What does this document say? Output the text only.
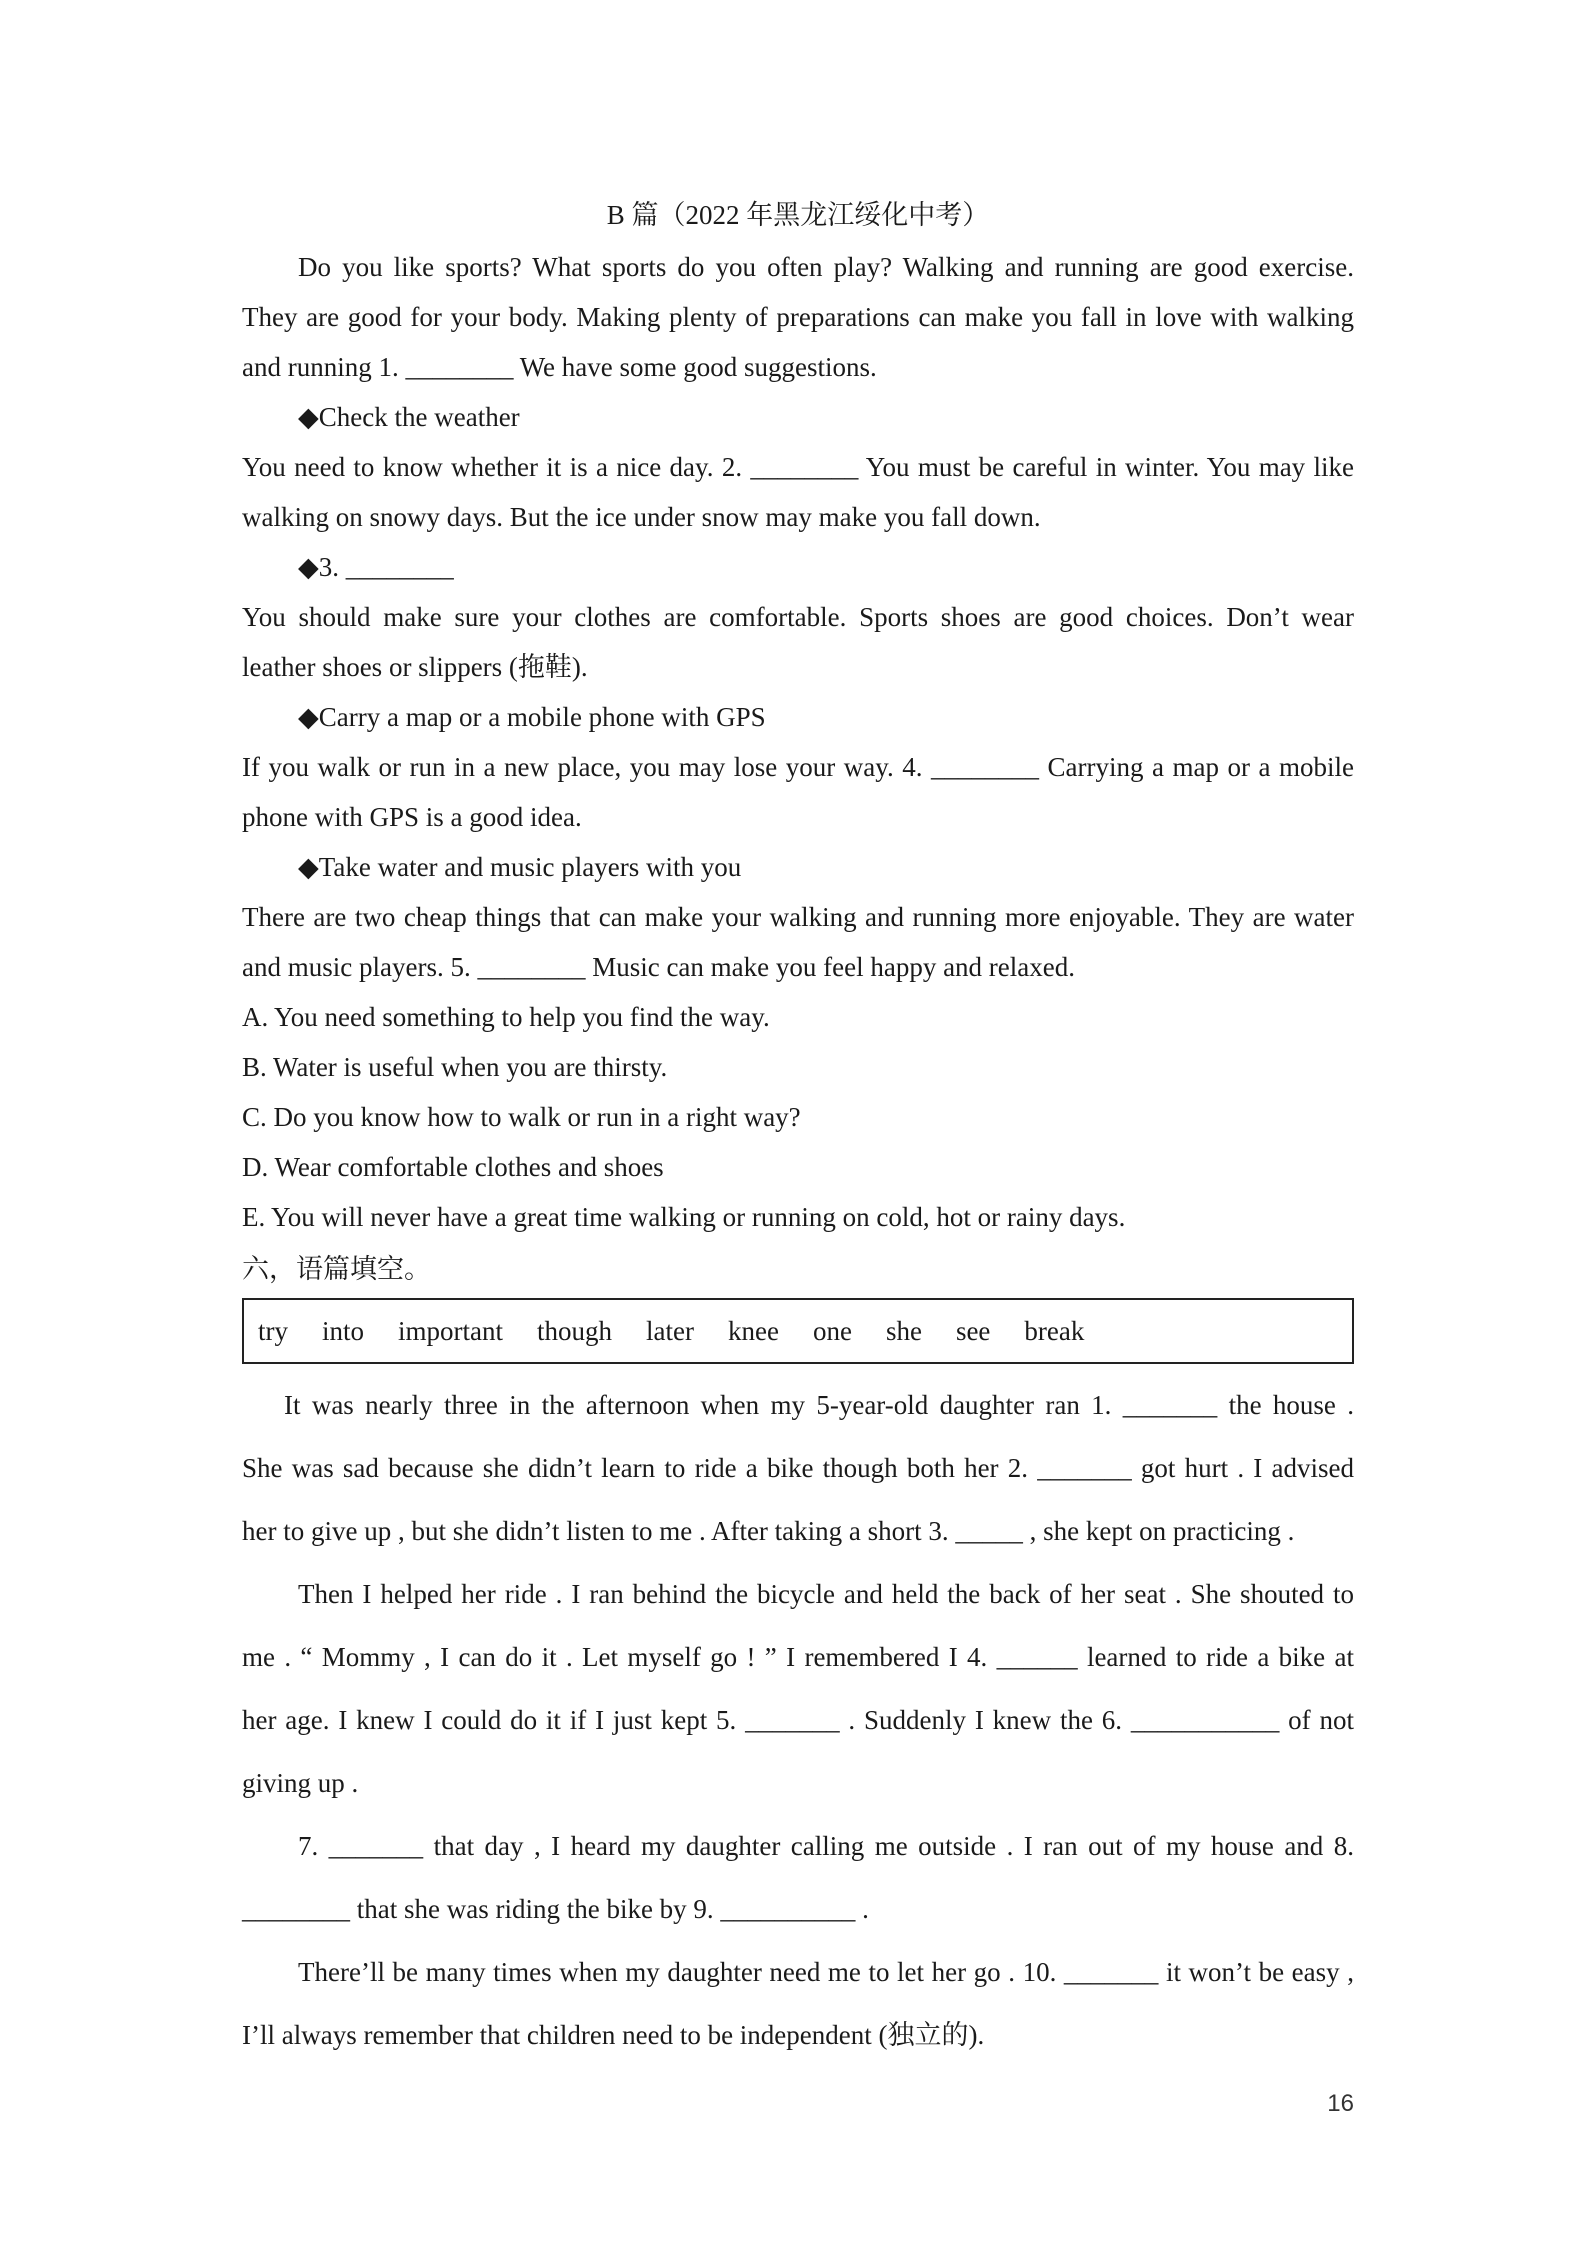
B 篇（2022 年黑龙江绥化中考）
Do you like sports? What sports do you often play? Walking and running are good exercise.
They are good for your body. Making plenty of preparations can make you fall in love with walking
and running 1. ________ We have some good suggestions.
◆Check the weather
You need to know whether it is a nice day. 2. ________ You must be careful in winter. You may like
walking on snowy days. But the ice under snow may make you fall down.
◆3. ________
You should make sure your clothes are comfortable. Sports shoes are good choices. Don’t wear
leather shoes or slippers (拖鞋).
◆Carry a map or a mobile phone with GPS
If you walk or run in a new place, you may lose your way. 4. ________ Carrying a map or a mobile
phone with GPS is a good idea.
◆Take water and music players with you
There are two cheap things that can make your walking and running more enjoyable. They are water
and music players. 5. ________ Music can make you feel happy and relaxed.
A. You need something to help you find the way.
B. Water is useful when you are thirsty.
C. Do you know how to walk or run in a right way?
D. Wear comfortable clothes and shoes
E. You will never have a great time walking or running on cold, hot or rainy days.
六，语篇填空。
try into important though later knee one she see break
It was nearly three in the afternoon when my 5-year-old daughter ran 1. _______ the house .
She was sad because she didn’t learn to ride a bike though both her 2. _______ got hurt . I advised
her to give up , but she didn’t listen to me . After taking a short 3. _____ , she kept on practicing .
Then I helped her ride . I ran behind the bicycle and held the back of her seat . She shouted to
me . “ Mommy , I can do it . Let myself go ! ” I remembered I 4. ______ learned to ride a bike at
her age. I knew I could do it if I just kept 5. _______ . Suddenly I knew the 6. ___________ of not
giving up .
7. _______ that day , I heard my daughter calling me outside . I ran out of my house and 8.
________ that she was riding the bike by 9. __________ .
There’ll be many times when my daughter need me to let her go . 10. _______ it won’t be easy ,
I’ll always remember that children need to be independent (独立的).
16
